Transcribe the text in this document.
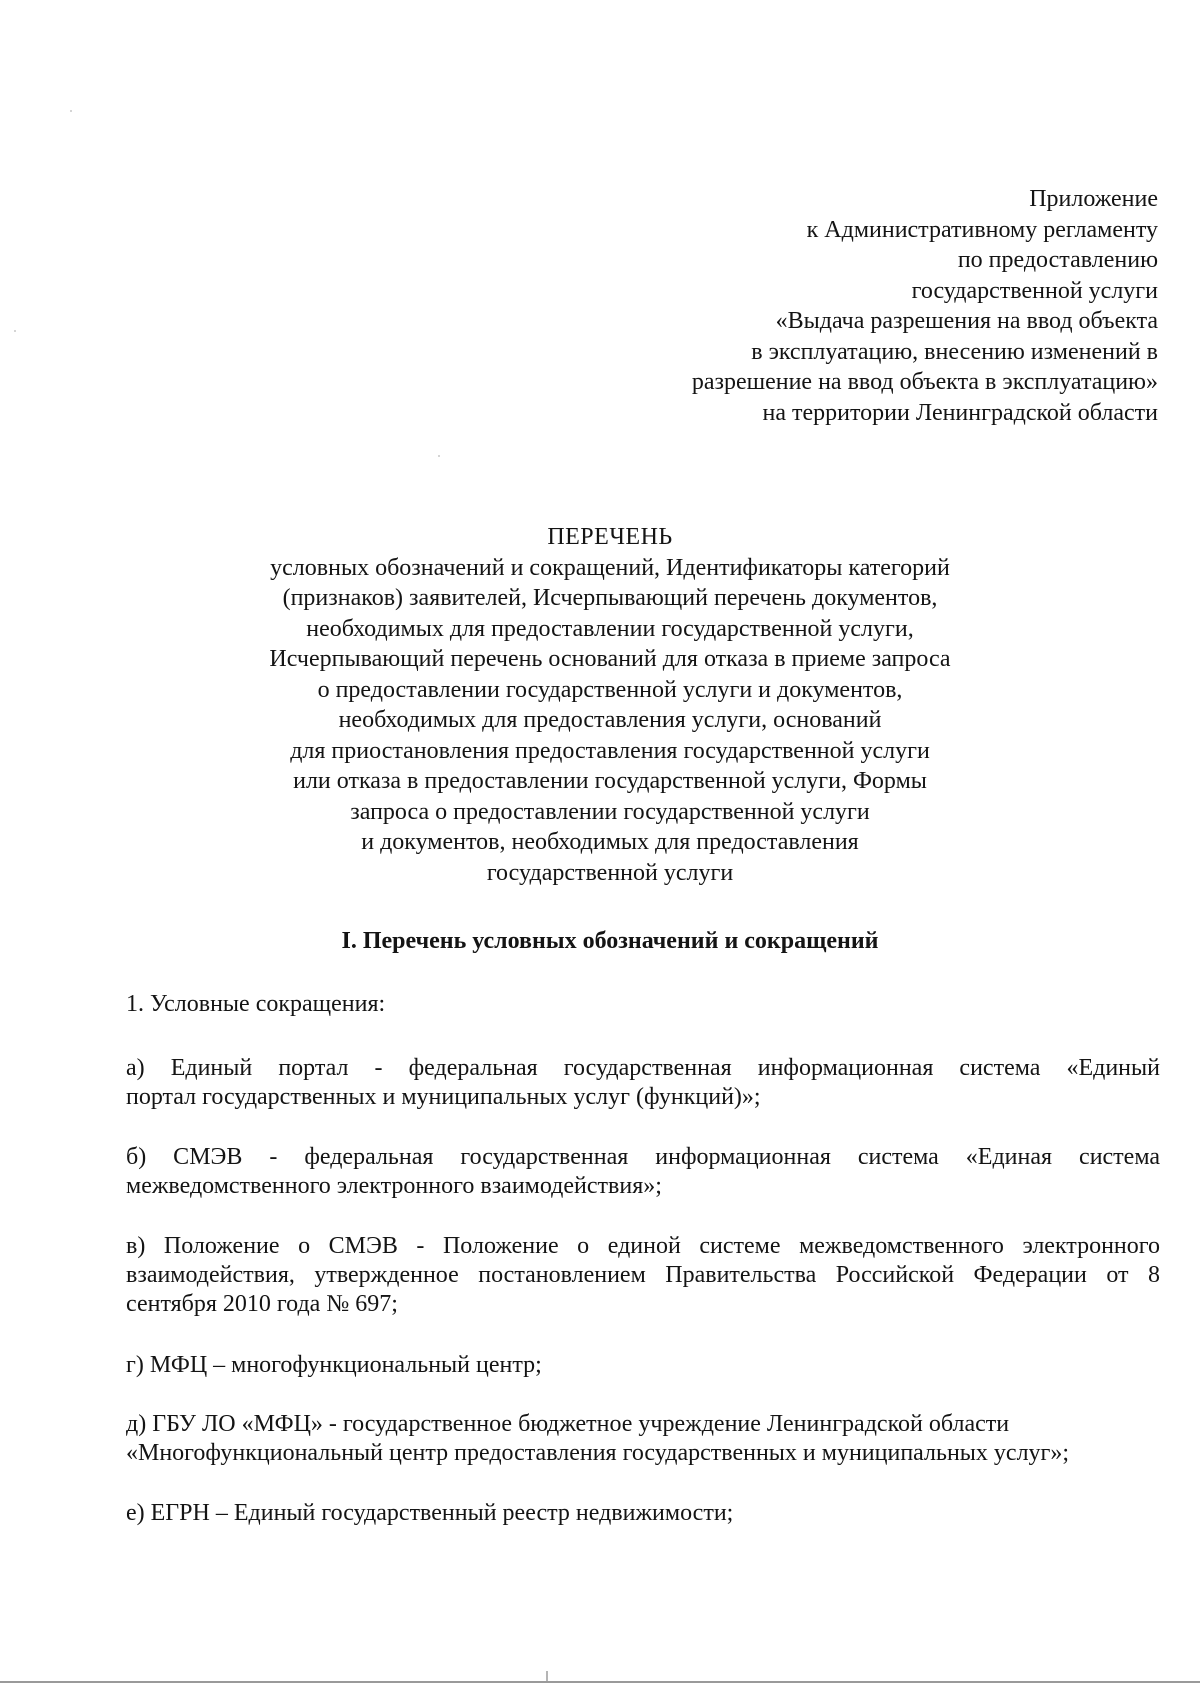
Приложение
к Административному регламенту
по предоставлению
государственной услуги
«Выдача разрешения на ввод объекта
в эксплуатацию, внесению изменений в
разрешение на ввод объекта в эксплуатацию»
на территории Ленинградской области
ПЕРЕЧЕНЬ
условных обозначений и сокращений, Идентификаторы категорий
(признаков) заявителей, Исчерпывающий перечень документов,
необходимых для предоставлении государственной услуги,
Исчерпывающий перечень оснований для отказа в приеме запроса
о предоставлении государственной услуги и документов,
необходимых для предоставления услуги, оснований
для приостановления предоставления государственной услуги
или отказа в предоставлении государственной услуги, Формы
запроса о предоставлении государственной услуги
и документов, необходимых для предоставления
государственной услуги
I. Перечень условных обозначений и сокращений
1. Условные сокращения:
а) Единый портал - федеральная государственная информационная система «Единый
портал государственных и муниципальных услуг (функций)»;
б) СМЭВ - федеральная государственная информационная система «Единая система
межведомственного электронного взаимодействия»;
в) Положение о СМЭВ - Положение о единой системе межведомственного электронного
взаимодействия, утвержденное постановлением Правительства Российской Федерации от 8
сентября 2010 года № 697;
г) МФЦ – многофункциональный центр;
д) ГБУ ЛО «МФЦ» - государственное бюджетное учреждение Ленинградской области
«Многофункциональный центр предоставления государственных и муниципальных услуг»;
е) ЕГРН – Единый государственный реестр недвижимости;
